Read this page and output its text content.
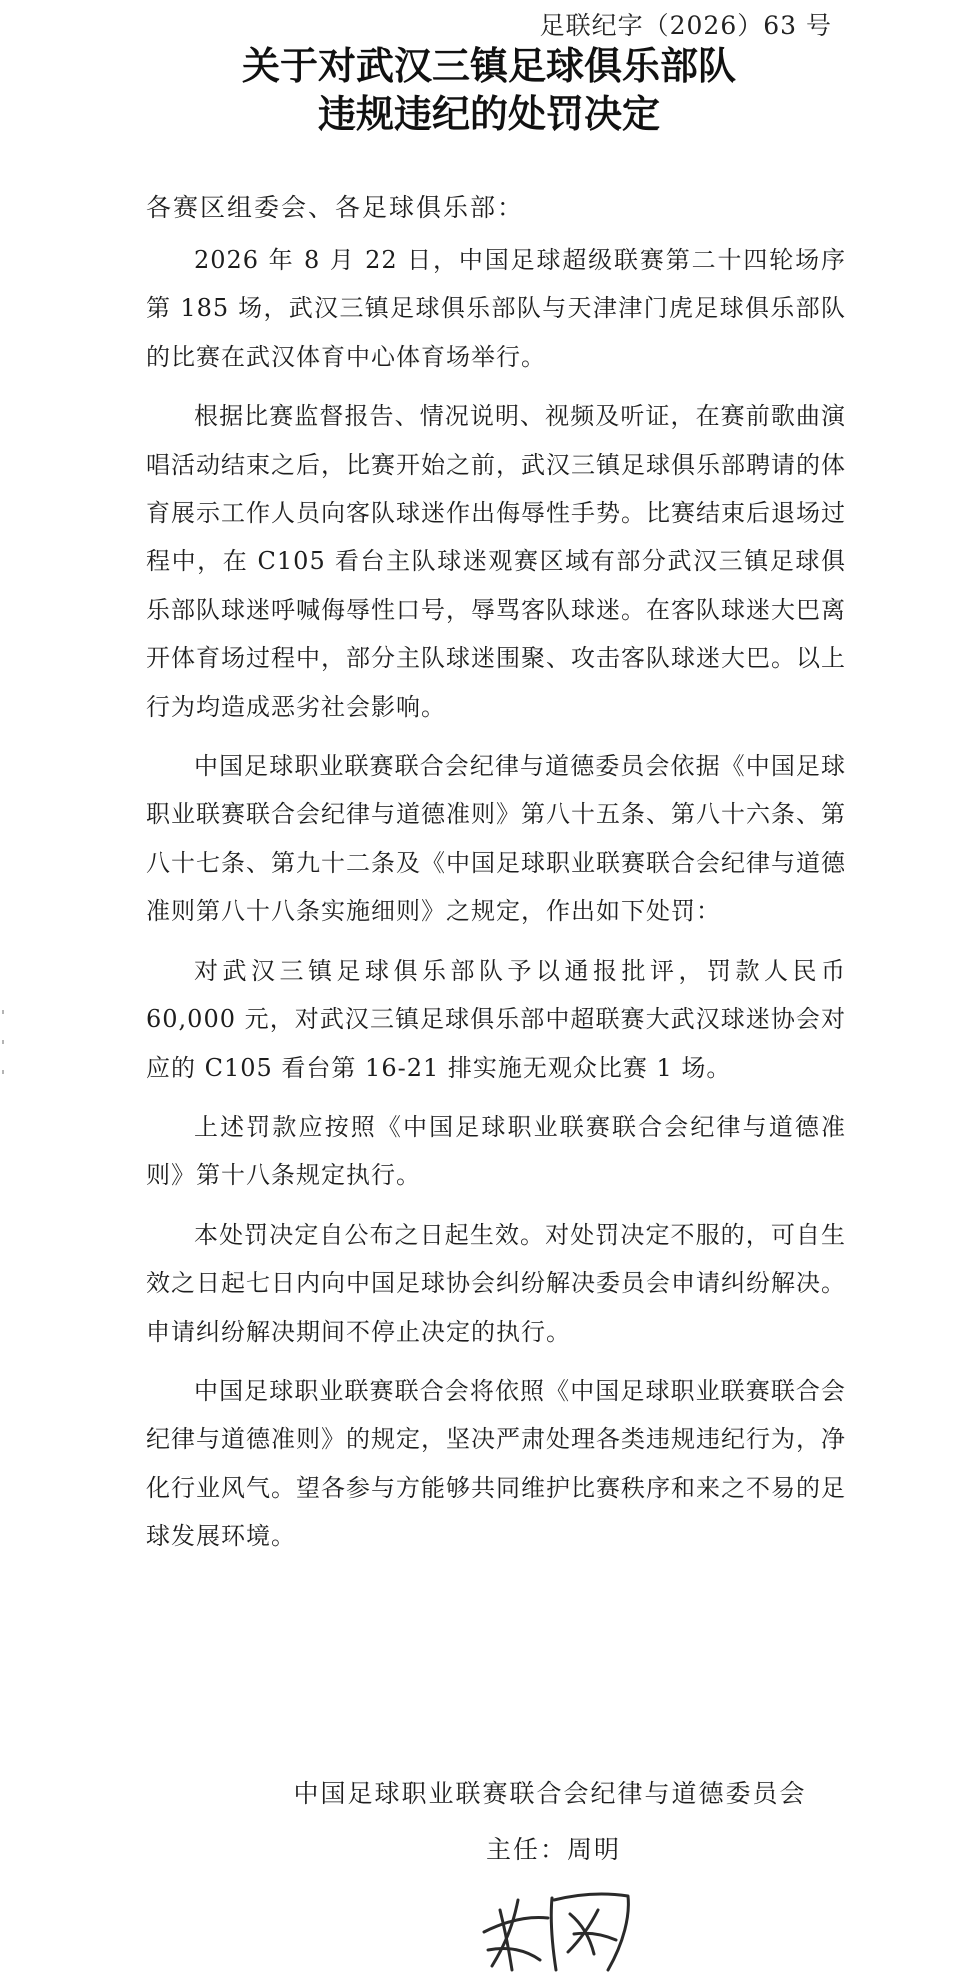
足联纪字（2026）63 号
关于对武汉三镇足球俱乐部队
违规违纪的处罚决定
各赛区组委会、各足球俱乐部：

2026 年 8 月 22 日，中国足球超级联赛第二十四轮场序第 185 场，武汉三镇足球俱乐部队与天津津门虎足球俱乐部队的比赛在武汉体育中心体育场举行。

根据比赛监督报告、情况说明、视频及听证，在赛前歌曲演唱活动结束之后，比赛开始之前，武汉三镇足球俱乐部聘请的体育展示工作人员向客队球迷作出侮辱性手势。比赛结束后退场过程中，在 C105 看台主队球迷观赛区域有部分武汉三镇足球俱乐部队球迷呼喊侮辱性口号，辱骂客队球迷。在客队球迷大巴离开体育场过程中，部分主队球迷围聚、攻击客队球迷大巴。以上行为均造成恶劣社会影响。

中国足球职业联赛联合会纪律与道德委员会依据《中国足球职业联赛联合会纪律与道德准则》第八十五条、第八十六条、第八十七条、第九十二条及《中国足球职业联赛联合会纪律与道德准则第八十八条实施细则》之规定，作出如下处罚：

对武汉三镇足球俱乐部队予以通报批评，罚款人民币 60,000 元，对武汉三镇足球俱乐部中超联赛大武汉球迷协会对应的 C105 看台第 16-21 排实施无观众比赛 1 场。

上述罚款应按照《中国足球职业联赛联合会纪律与道德准则》第十八条规定执行。

本处罚决定自公布之日起生效。对处罚决定不服的，可自生效之日起七日内向中国足球协会纠纷解决委员会申请纠纷解决。申请纠纷解决期间不停止决定的执行。

中国足球职业联赛联合会将依照《中国足球职业联赛联合会纪律与道德准则》的规定，坚决严肃处理各类违规违纪行为，净化行业风气。望各参与方能够共同维护比赛秩序和来之不易的足球发展环境。

中国足球职业联赛联合会纪律与道德委员会
主任：周明
